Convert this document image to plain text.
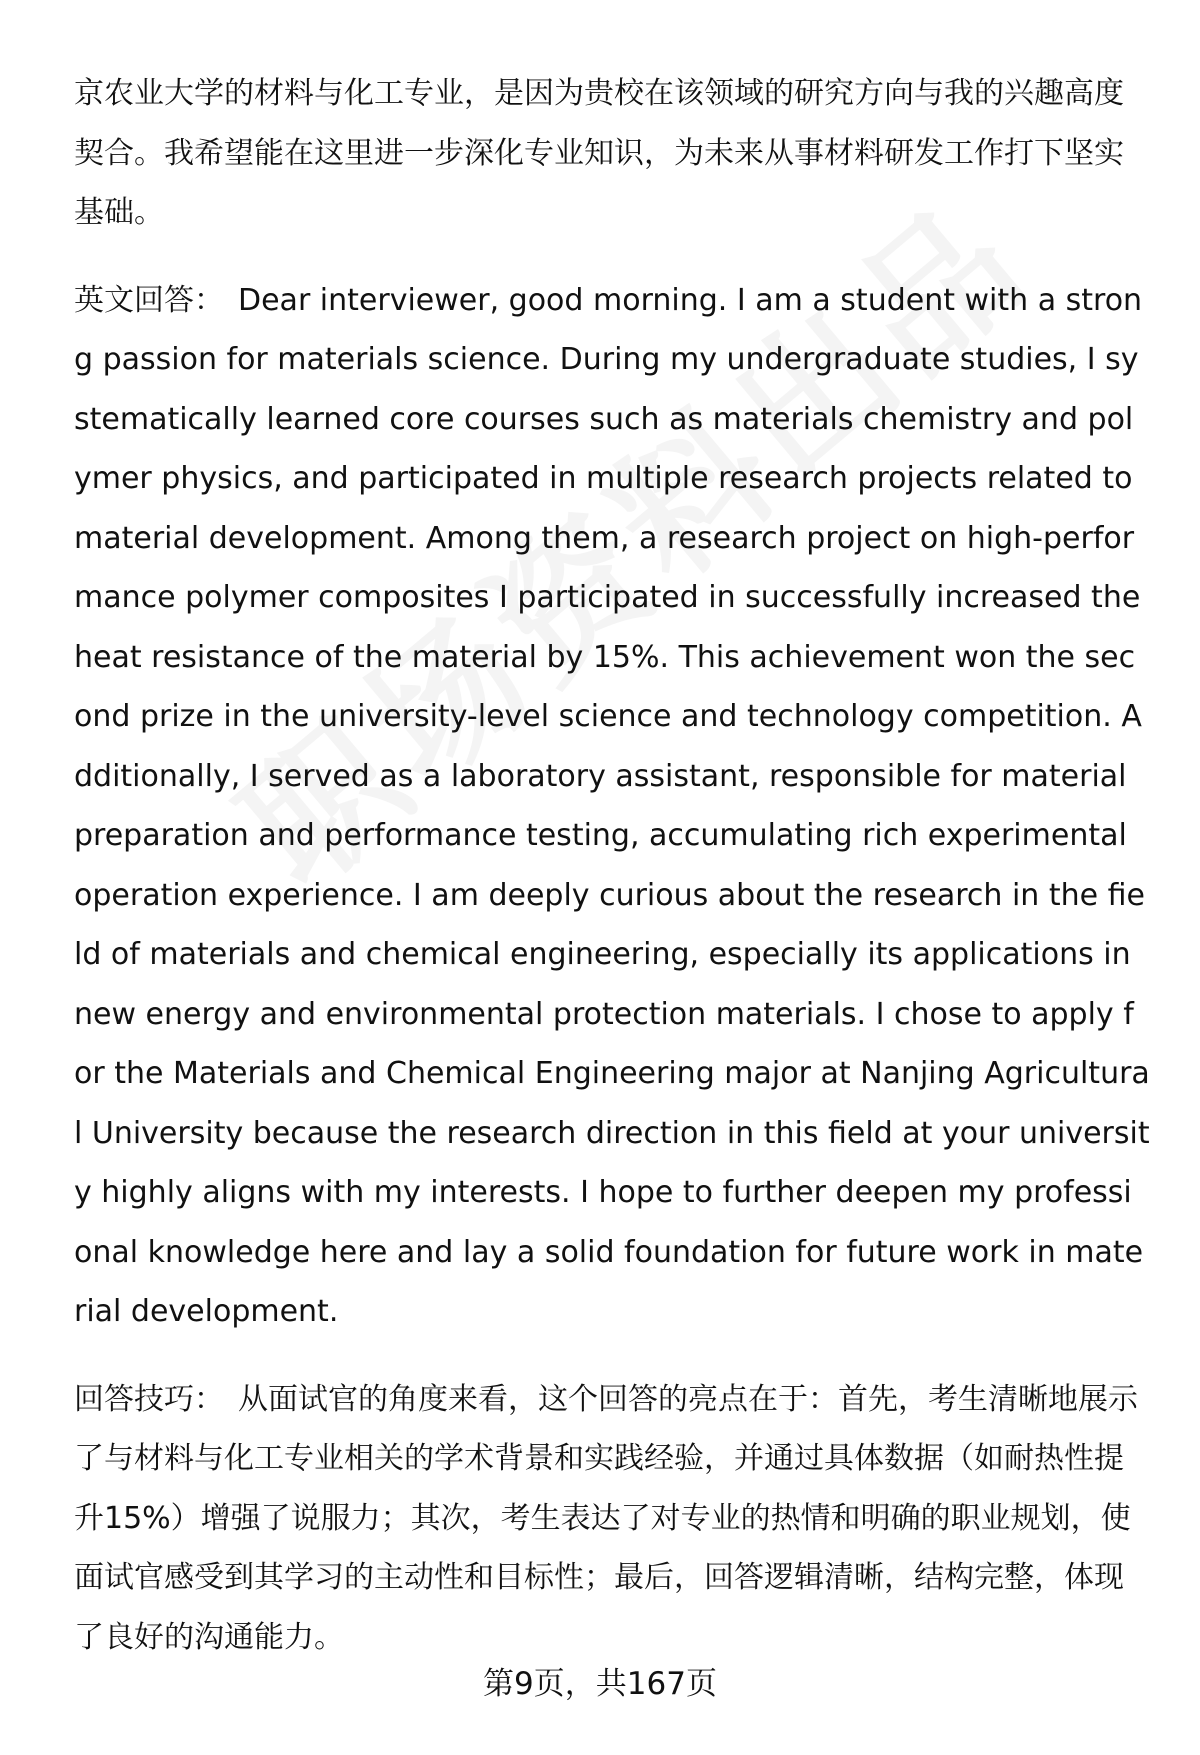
京农业大学的材料与化工专业，是因为贵校在该领域的研究方向与我的兴趣高度契合。我希望能在这里进一步深化专业知识，为未来从事材料研发工作打下坚实基础。

英文回答： Dear interviewer, good morning. I am a student with a strong passion for materials science. During my undergraduate studies, I systematically learned core courses such as materials chemistry and polymer physics, and participated in multiple research projects related to material development. Among them, a research project on high-performance polymer composites I participated in successfully increased the heat resistance of the material by 15%. This achievement won the second prize in the university-level science and technology competition. Additionally, I served as a laboratory assistant, responsible for material preparation and performance testing, accumulating rich experimental operation experience. I am deeply curious about the research in the field of materials and chemical engineering, especially its applications in new energy and environmental protection materials. I chose to apply for the Materials and Chemical Engineering major at Nanjing Agricultural University because the research direction in this field at your university highly aligns with my interests. I hope to further deepen my professional knowledge here and lay a solid foundation for future work in material development.

回答技巧： 从面试官的角度来看，这个回答的亮点在于：首先，考生清晰地展示了与材料与化工专业相关的学术背景和实践经验，并通过具体数据（如耐热性提升15%）增强了说服力；其次，考生表达了对专业的热情和明确的职业规划，使面试官感受到其学习的主动性和目标性；最后，回答逻辑清晰，结构完整，体现了良好的沟通能力。

第9页，共167页
